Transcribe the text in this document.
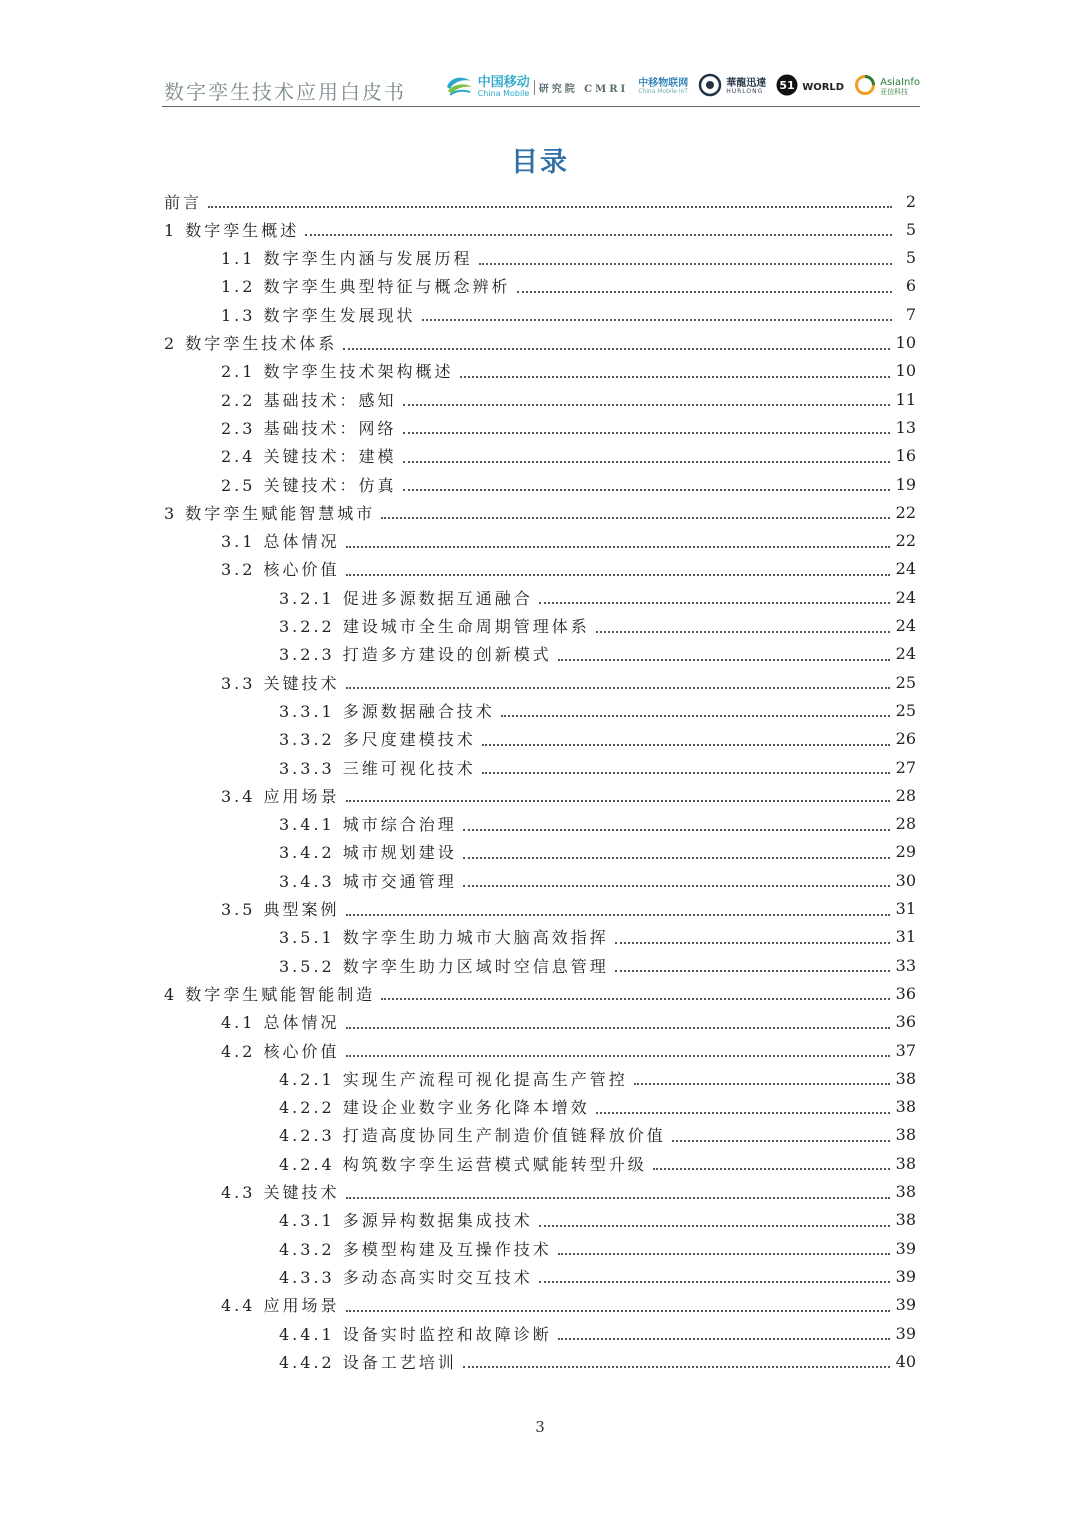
数字孪生技术应用白皮书	中国移动
China Mobile 研究院 CMRI
中移物联网
China Mobile IoT
華龍迅達
HURLONG 51 WORLD	AsiaInfo
亚信科技
目录
前言	2
1 数字孪生概述	5
1.1 数字孪生内涵与发展历程	5
1.2 数字孪生典型特征与概念辨析	6
1.3 数字孪生发展现状	7
2 数字孪生技术体系	10
2.1 数字孪生技术架构概述	10
2.2 基础技术：感知	11
2.3 基础技术：网络	13
2.4 关键技术：建模	16
2.5 关键技术：仿真	19
3 数字孪生赋能智慧城市	22
3.1 总体情况	22
3.2 核心价值	24
3.2.1 促进多源数据互通融合	24
3.2.2 建设城市全生命周期管理体系	24
3.2.3 打造多方建设的创新模式	24
3.3 关键技术	25
3.3.1 多源数据融合技术	25
3.3.2 多尺度建模技术	26
3.3.3 三维可视化技术	27
3.4 应用场景	28
3.4.1 城市综合治理	28
3.4.2 城市规划建设	29
3.4.3 城市交通管理	30
3.5 典型案例	31
3.5.1 数字孪生助力城市大脑高效指挥	31
3.5.2 数字孪生助力区域时空信息管理	33
4 数字孪生赋能智能制造	36
4.1 总体情况	36
4.2 核心价值	37
4.2.1 实现生产流程可视化提高生产管控	38
4.2.2 建设企业数字业务化降本增效	38
4.2.3 打造高度协同生产制造价值链释放价值	38
4.2.4 构筑数字孪生运营模式赋能转型升级	38
4.3 关键技术	38
4.3.1 多源异构数据集成技术	38
4.3.2 多模型构建及互操作技术	39
4.3.3 多动态高实时交互技术	39
4.4 应用场景	39
4.4.1 设备实时监控和故障诊断	39
4.4.2 设备工艺培训	40
3
